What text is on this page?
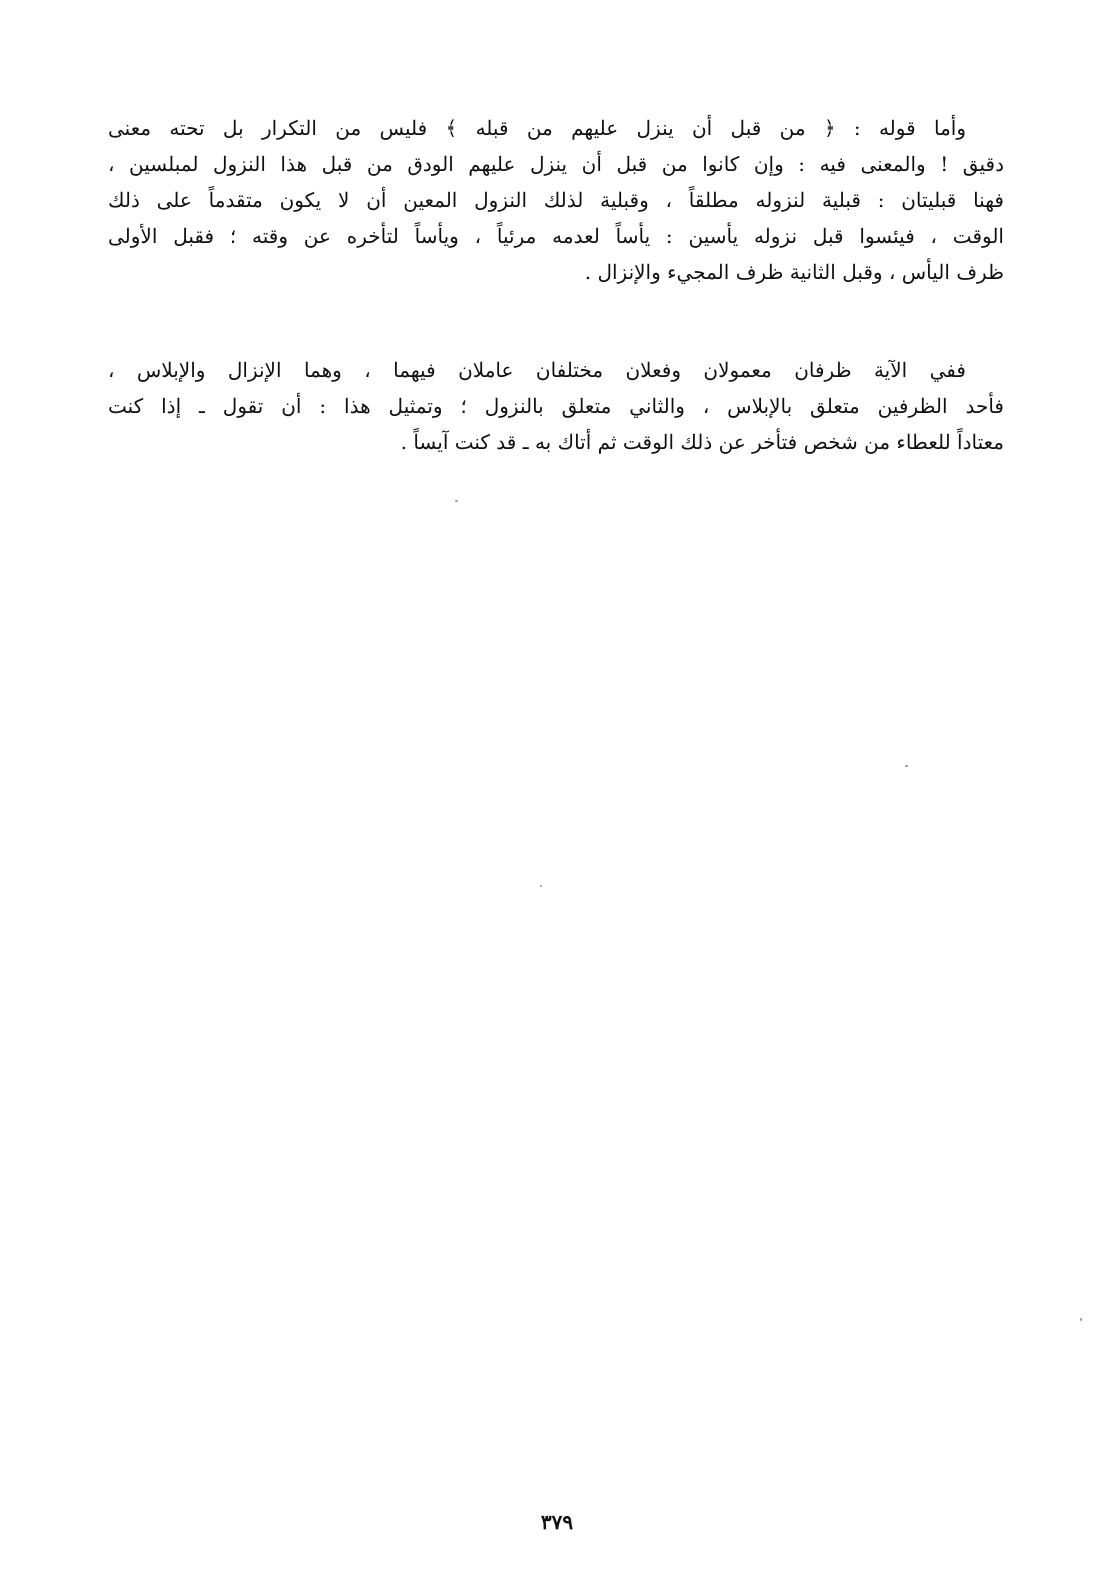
وأما قوله : ﴿ من قبل أن ينزل عليهم من قبله ﴾ فليس من التكرار بل تحته معنى
دقيق ! والمعنى فيه : وإن كانوا من قبل أن ينزل عليهم الودق من قبل هذا النزول لمبلسين ،
فهنا قبليتان : قبلية لنزوله مطلقاً ، وقبلية لذلك النزول المعين أن لا يكون متقدماً على ذلك
الوقت ، فيئسوا قبل نزوله يأسين : يأساً لعدمه مرئياً ، ويأساً لتأخره عن وقته ؛ فقبل الأولى
ظرف اليأس ، وقبل الثانية ظرف المجيء والإنزال .
ففي الآية ظرفان معمولان وفعلان مختلفان عاملان فيهما ، وهما الإنزال والإبلاس ،
فأحد الظرفين متعلق بالإبلاس ، والثاني متعلق بالنزول ؛ وتمثيل هذا : أن تقول ـ إذا كنت
معتاداً للعطاء من شخص فتأخر عن ذلك الوقت ثم أتاك به ـ قد كنت آيساً .
٣٧٩
